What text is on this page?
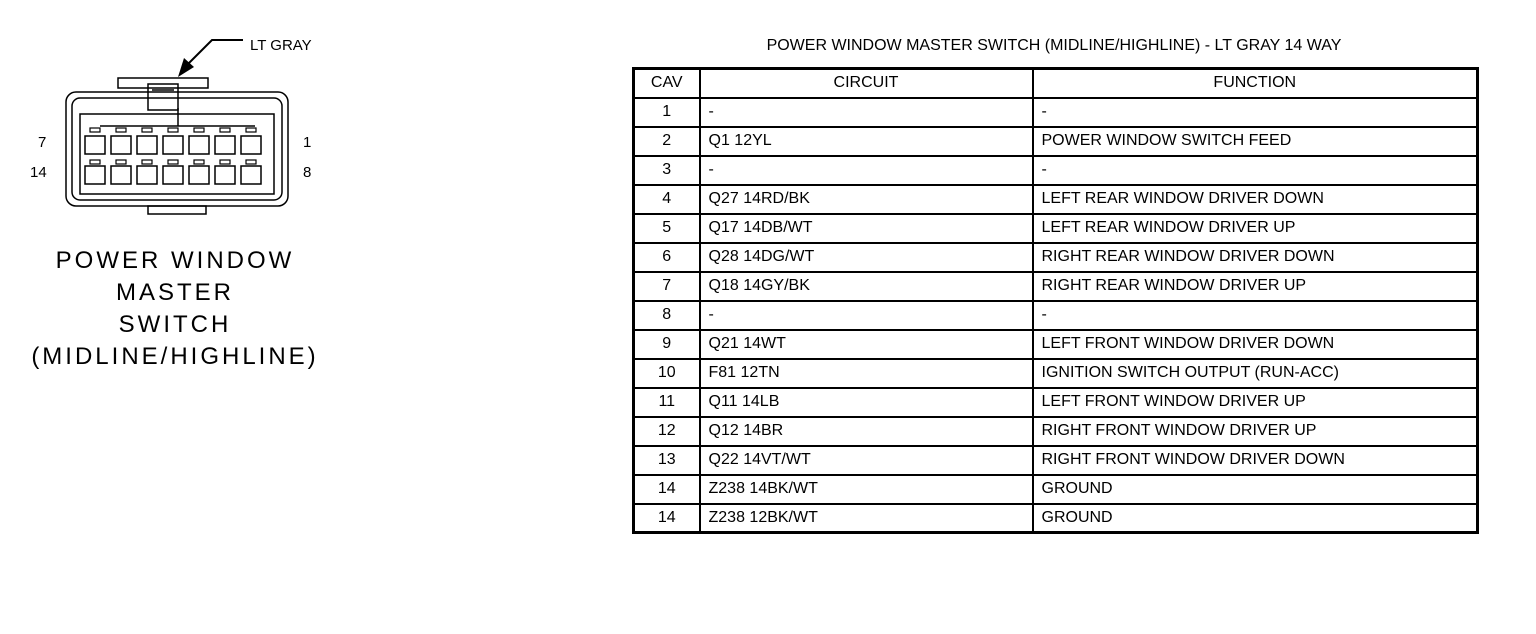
LT GRAY
7	1
14	8
POWER WINDOW
MASTER
SWITCH
(MIDLINE/HIGHLINE)
POWER WINDOW MASTER SWITCH (MIDLINE/HIGHLINE) - LT GRAY 14 WAY
CAV	CIRCUIT	FUNCTION
1	-	-
2	Q1 12YL	POWER WINDOW SWITCH FEED
3	-	-
4	Q27 14RD/BK	LEFT REAR WINDOW DRIVER DOWN
5	Q17 14DB/WT	LEFT REAR WINDOW DRIVER UP
6	Q28 14DG/WT	RIGHT REAR WINDOW DRIVER DOWN
7	Q18 14GY/BK	RIGHT REAR WINDOW DRIVER UP
8	-	-
9	Q21 14WT	LEFT FRONT WINDOW DRIVER DOWN
10	F81 12TN	IGNITION SWITCH OUTPUT (RUN-ACC)
11	Q11 14LB	LEFT FRONT WINDOW DRIVER UP
12	Q12 14BR	RIGHT FRONT WINDOW DRIVER UP
13	Q22 14VT/WT	RIGHT FRONT WINDOW DRIVER DOWN
14	Z238 14BK/WT	GROUND
14	Z238 12BK/WT	GROUND
